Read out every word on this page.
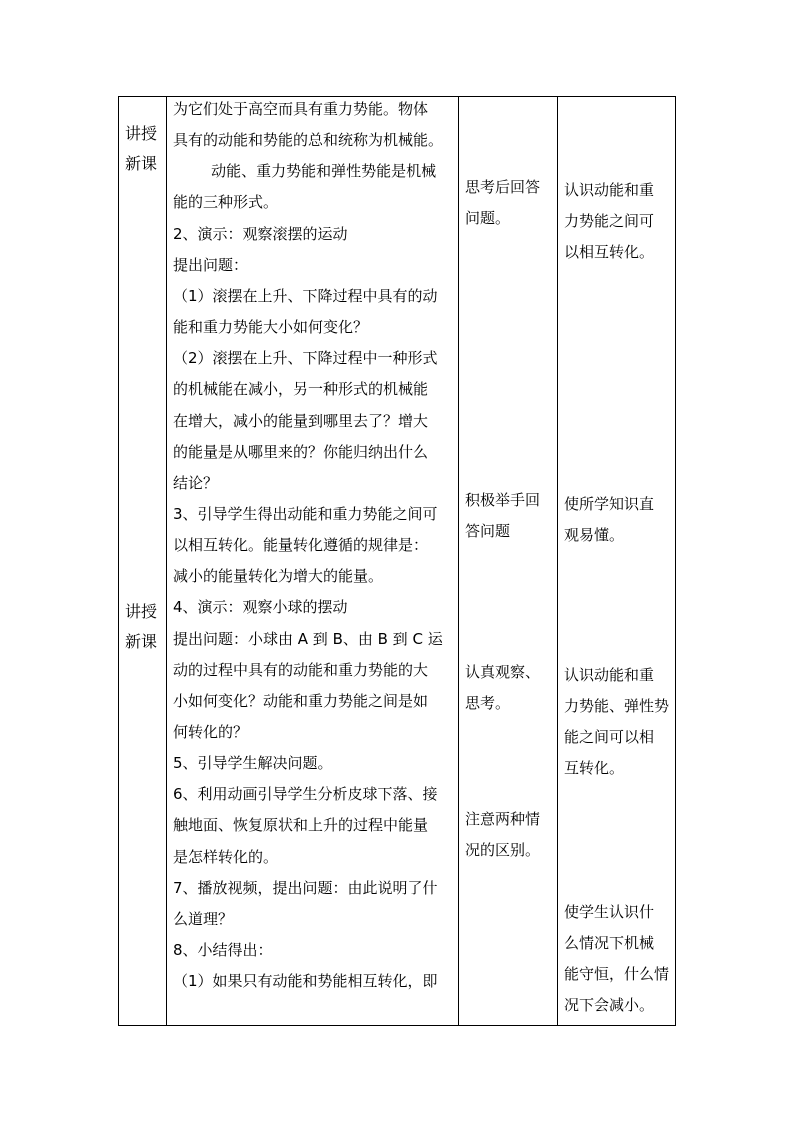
讲授
新课
讲授
新课
为它们处于高空而具有重力势能。物体
具有的动能和势能的总和统称为机械能。
动能、重力势能和弹性势能是机械
能的三种形式。
2、演示：观察滚摆的运动
提出问题：
（1）滚摆在上升、下降过程中具有的动
能和重力势能大小如何变化？
（2）滚摆在上升、下降过程中一种形式
的机械能在减小，另一种形式的机械能
在增大，减小的能量到哪里去了？增大
的能量是从哪里来的？你能归纳出什么
结论？
3、引导学生得出动能和重力势能之间可
以相互转化。能量转化遵循的规律是：
减小的能量转化为增大的能量。
4、演示：观察小球的摆动
提出问题：小球由 A 到 B、由 B 到 C 运
动的过程中具有的动能和重力势能的大
小如何变化？动能和重力势能之间是如
何转化的？
5、引导学生解决问题。
6、利用动画引导学生分析皮球下落、接
触地面、恢复原状和上升的过程中能量
是怎样转化的。
7、播放视频，提出问题：由此说明了什
么道理？
8、小结得出：
（1）如果只有动能和势能相互转化，即
思考后回答
问题。
积极举手回
答问题
认真观察、
思考。
注意两种情
况的区别。
认识动能和重
力势能之间可
以相互转化。
使所学知识直
观易懂。
认识动能和重
力势能、弹性势
能之间可以相
互转化。
使学生认识什
么情况下机械
能守恒，什么情
况下会减小。
